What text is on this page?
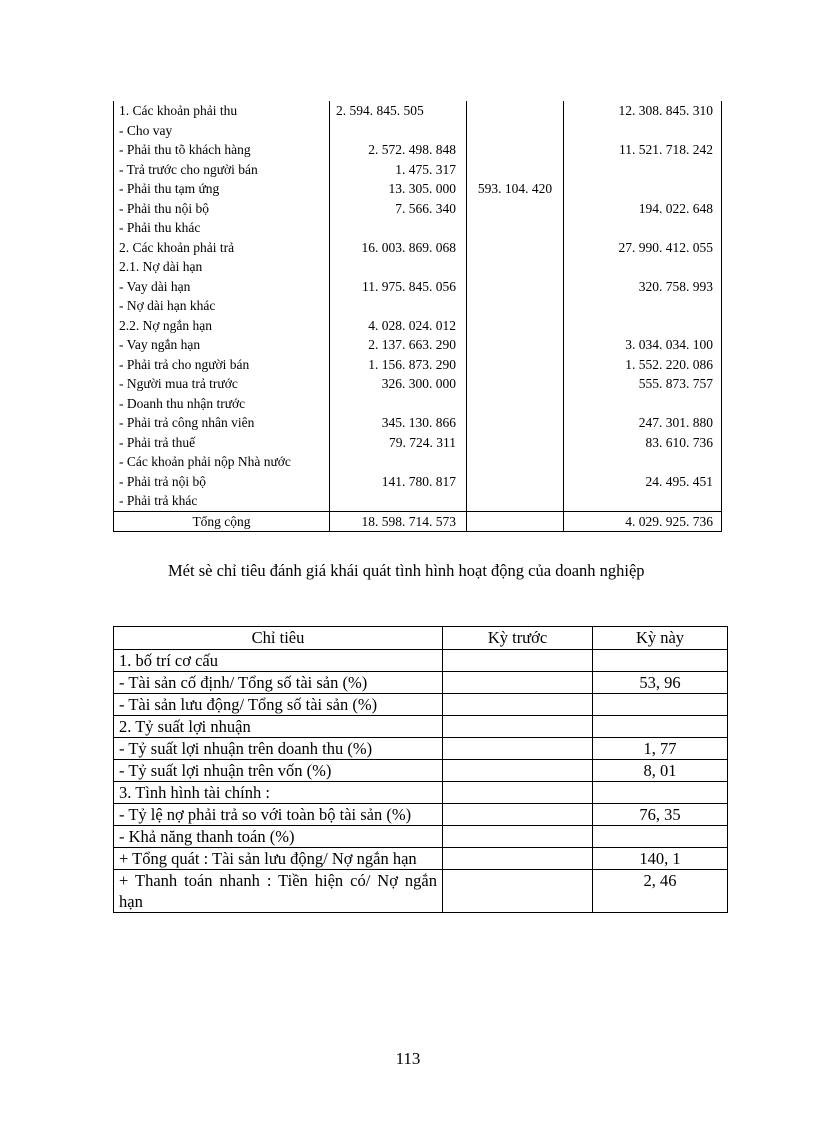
1. Các khoản phải thu	2. 594. 845. 505		12. 308. 845. 310
- Cho vay			
- Phải thu tõ khách hàng	2. 572. 498. 848		11. 521. 718. 242
- Trả trước cho người bán	1. 475. 317		
- Phải thu tạm ứng	13. 305. 000	593. 104. 420	
- Phải thu nội bộ	7. 566. 340		194. 022. 648
- Phải thu khác			
2. Các khoản phải trả	16. 003. 869. 068		27. 990. 412. 055
2.1. Nợ dài hạn			
- Vay dài hạn	11. 975. 845. 056		320. 758. 993
- Nợ dài hạn khác			
2.2. Nợ ngắn hạn	4. 028. 024. 012		
- Vay ngắn hạn	2. 137. 663. 290		3. 034. 034. 100
- Phải trả cho người bán	1. 156. 873. 290		1. 552. 220. 086
- Người mua trả trước	326. 300. 000		555. 873. 757
- Doanh thu nhận trước			
- Phải trả công nhân viên	345. 130. 866		247. 301. 880
- Phải trả thuế	79. 724. 311		83. 610. 736
- Các khoản phải nộp Nhà nước			
- Phải trả nội bộ	141. 780. 817		24. 495. 451
- Phải trả khác			
Tổng cộng	18. 598. 714. 573		4. 029. 925. 736

Mét sè chỉ tiêu đánh giá khái quát tình hình hoạt động của doanh nghiệp

Chỉ tiêu	Kỳ trước	Kỳ này
1. bố trí cơ cấu		
- Tài sản cố định/ Tổng số tài sản (%)		53, 96
- Tài sản lưu động/ Tổng số tài sản (%)		
2. Tỷ suất lợi nhuận		
- Tỷ suất lợi nhuận trên doanh thu (%)		1, 77
- Tỷ suất lợi nhuận trên vốn (%)		8, 01
3. Tình hình tài chính :		
- Tỷ lệ nợ phải trả so với toàn bộ tài sản (%)		76, 35
- Khả năng thanh toán (%)		
+ Tổng quát : Tài sản lưu động/ Nợ ngắn hạn		140, 1
+ Thanh toán nhanh : Tiền hiện có/ Nợ ngắn hạn		2, 46
113
